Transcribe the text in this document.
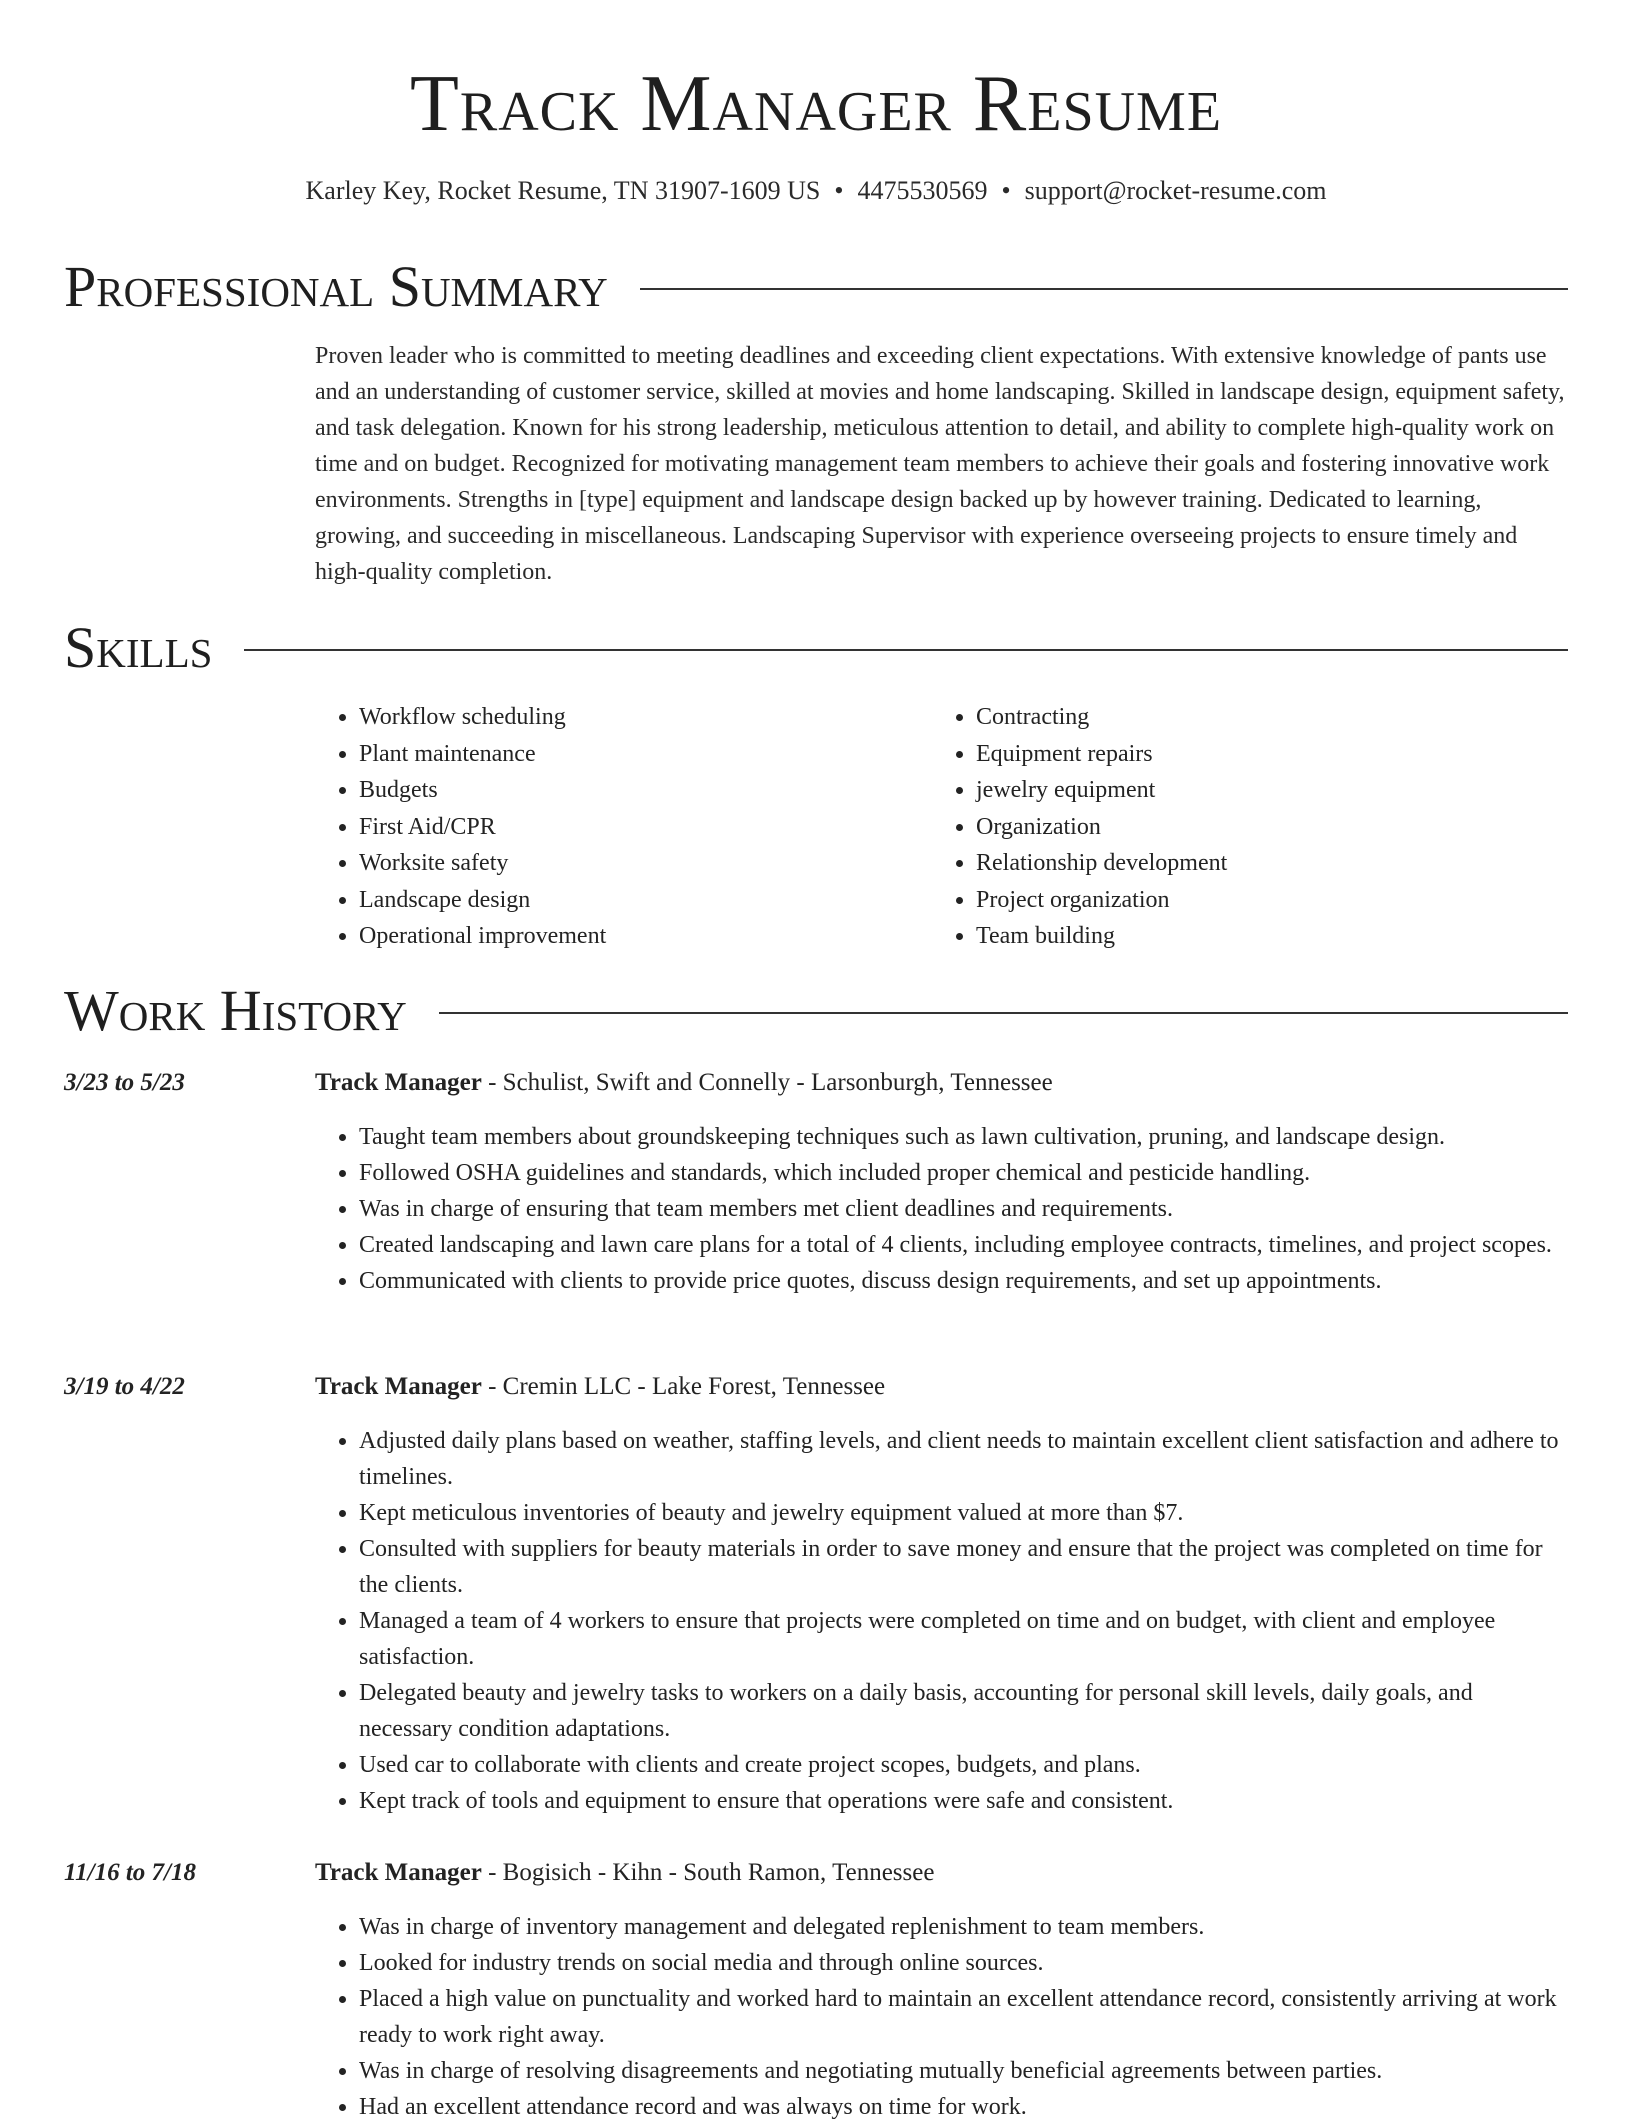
Track Manager Resume
Karley Key, Rocket Resume, TN 31907-1609 US • 4475530569 • support@rocket-resume.com
Professional Summary

Proven leader who is committed to meeting deadlines and exceeding client expectations. With extensive knowledge of pants use and an understanding of customer service, skilled at movies and home landscaping. Skilled in landscape design, equipment safety, and task delegation. Known for his strong leadership, meticulous attention to detail, and ability to complete high-quality work on time and on budget. Recognized for motivating management team members to achieve their goals and fostering innovative work environments. Strengths in [type] equipment and landscape design backed up by however training. Dedicated to learning, growing, and succeeding in miscellaneous. Landscaping Supervisor with experience overseeing projects to ensure timely and high-quality completion.

Skills
• Workflow scheduling
• Plant maintenance
• Budgets
• First Aid/CPR
• Worksite safety
• Landscape design
• Operational improvement
• Contracting
• Equipment repairs
• jewelry equipment
• Organization
• Relationship development
• Project organization
• Team building
Work History
3/23 to 5/23	Track Manager - Schulist, Swift and Connelly - Larsonburgh, Tennessee
• Taught team members about groundskeeping techniques such as lawn cultivation, pruning, and landscape design.
• Followed OSHA guidelines and standards, which included proper chemical and pesticide handling.
• Was in charge of ensuring that team members met client deadlines and requirements.
• Created landscaping and lawn care plans for a total of 4 clients, including employee contracts, timelines, and project scopes.
• Communicated with clients to provide price quotes, discuss design requirements, and set up appointments.
3/19 to 4/22	Track Manager - Cremin LLC - Lake Forest, Tennessee
• Adjusted daily plans based on weather, staffing levels, and client needs to maintain excellent client satisfaction and adhere to timelines.
• Kept meticulous inventories of beauty and jewelry equipment valued at more than $7.
• Consulted with suppliers for beauty materials in order to save money and ensure that the project was completed on time for the clients.
• Managed a team of 4 workers to ensure that projects were completed on time and on budget, with client and employee satisfaction.
• Delegated beauty and jewelry tasks to workers on a daily basis, accounting for personal skill levels, daily goals, and necessary condition adaptations.
• Used car to collaborate with clients and create project scopes, budgets, and plans.
• Kept track of tools and equipment to ensure that operations were safe and consistent.
11/16 to 7/18	Track Manager - Bogisich - Kihn - South Ramon, Tennessee
• Was in charge of inventory management and delegated replenishment to team members.
• Looked for industry trends on social media and through online sources.
• Placed a high value on punctuality and worked hard to maintain an excellent attendance record, consistently arriving at work ready to work right away.
• Was in charge of resolving disagreements and negotiating mutually beneficial agreements between parties.
• Had an excellent attendance record and was always on time for work.
